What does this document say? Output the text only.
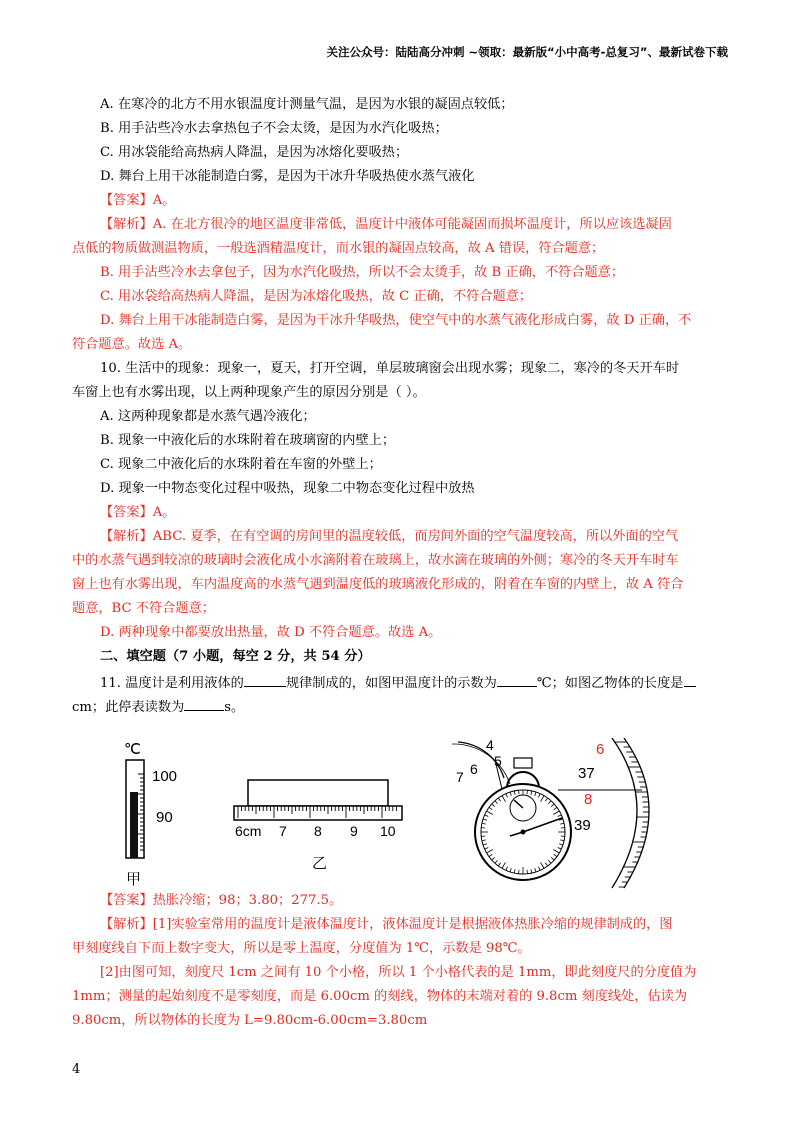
关注公众号：陆陆高分冲刺 ~领取：最新版“小中高考-总复习”、最新试卷下载
A. 在寒冷的北方不用水银温度计测量气温，是因为水银的凝固点较低；
B. 用手沾些冷水去拿热包子不会太烫，是因为水汽化吸热；
C. 用冰袋能给高热病人降温，是因为冰熔化要吸热；
D. 舞台上用干冰能制造白雾，是因为干冰升华吸热使水蒸气液化
【答案】A。
【解析】A. 在北方很冷的地区温度非常低，温度计中液体可能凝固而损坏温度计，所以应该选凝固
点低的物质做测温物质，一般选酒精温度计，而水银的凝固点较高，故 A 错误，符合题意；
B. 用手沾些冷水去拿包子，因为水汽化吸热，所以不会太烫手，故 B 正确，不符合题意；
C. 用冰袋给高热病人降温，是因为冰熔化吸热，故 C 正确，不符合题意；
D. 舞台上用干冰能制造白雾，是因为干冰升华吸热，使空气中的水蒸气液化形成白雾，故 D 正确，不
符合题意。故选 A。
10. 生活中的现象：现象一，夏天，打开空调，单层玻璃窗会出现水雾；现象二，寒冷的冬天开车时
车窗上也有水雾出现，以上两种现象产生的原因分别是（ ）。
A. 这两种现象都是水蒸气遇冷液化；
B. 现象一中液化后的水珠附着在玻璃窗的内壁上；
C. 现象二中液化后的水珠附着在车窗的外壁上；
D. 现象一中物态变化过程中吸热，现象二中物态变化过程中放热
【答案】A。
【解析】ABC. 夏季，在有空调的房间里的温度较低，而房间外面的空气温度较高，所以外面的空气
中的水蒸气遇到较凉的玻璃时会液化成小水滴附着在玻璃上，故水滴在玻璃的外侧；寒冷的冬天开车时车
窗上也有水雾出现，车内温度高的水蒸气遇到温度低的玻璃液化形成的，附着在车窗的内壁上，故 A 符合
题意，BC 不符合题意；
D. 两种现象中都要放出热量，故 D 不符合题意。故选 A。
二、填空题（7 小题，每空 2 分，共 54 分）
11. 温度计是利用液体的	规律制成的，如图甲温度计的示数为	℃；如图乙物体的长度是
cm；此停表读数为	s。
℃
100
90
甲
6cm 7 8 9 10
乙
4
5
6
7
6
37
8
39
【答案】热胀冷缩；98；3.80；277.5。
【解析】[1]实验室常用的温度计是液体温度计，液体温度计是根据液体热胀冷缩的规律制成的，图
甲刻度线自下而上数字变大，所以是零上温度，分度值为 1℃，示数是 98℃。
[2]由图可知，刻度尺 1cm 之间有 10 个小格，所以 1 个小格代表的是 1mm，即此刻度尺的分度值为
1mm；测量的起始刻度不是零刻度，而是 6.00cm 的刻线，物体的末端对着的 9.8cm 刻度线处，估读为
9.80cm，所以物体的长度为 L=9.80cm-6.00cm=3.80cm
4
